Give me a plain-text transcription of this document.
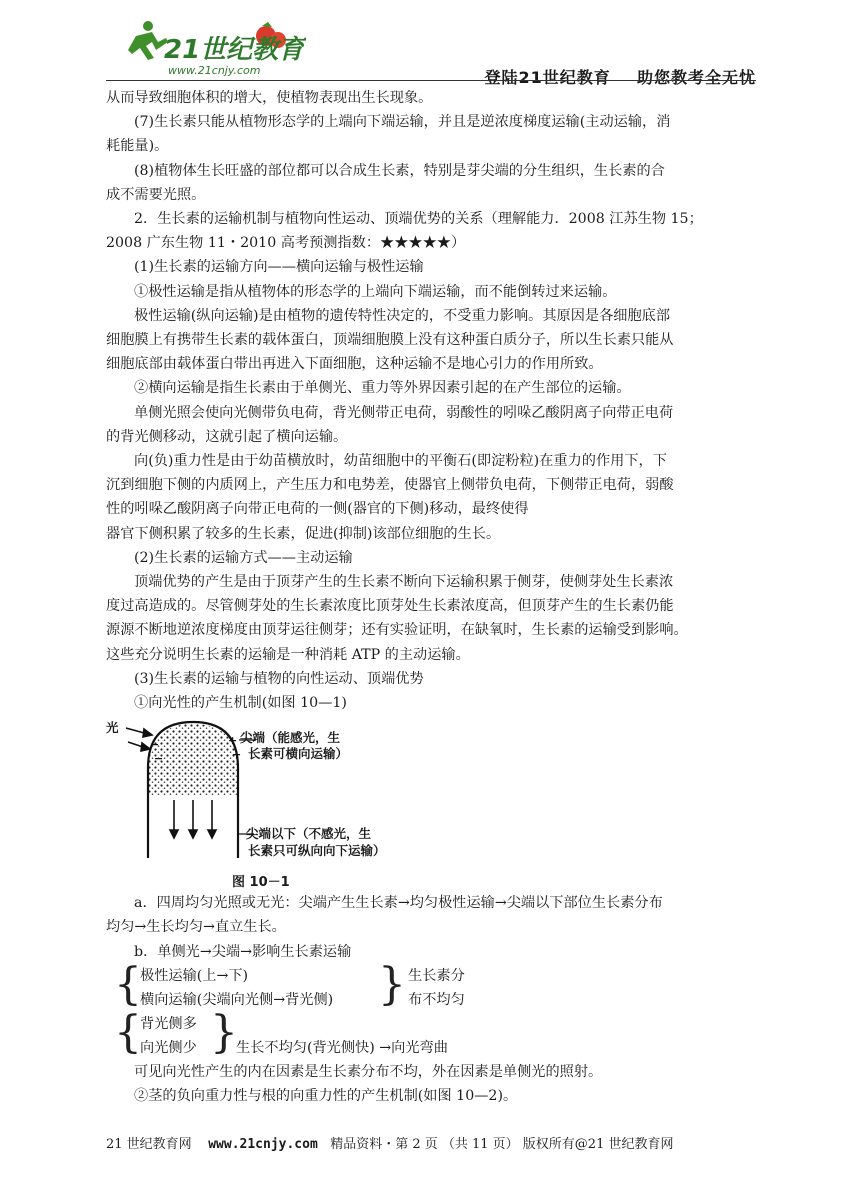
21世纪教育
www.21cnjy.com	登陆21世纪教育    助您教考全无忧

从而导致细胞体积的增大，使植物表现出生长现象。

(7)生长素只能从植物形态学的上端向下端运输，并且是逆浓度梯度运输(主动运输，消

耗能量)。

(8)植物体生长旺盛的部位都可以合成生长素，特别是芽尖端的分生组织，生长素的合

成不需要光照。

2．生长素的运输机制与植物向性运动、顶端优势的关系（理解能力．2008 江苏生物 15；

2008 广东生物 11・2010 高考预测指数：★★★★★）

(1)生长素的运输方向——横向运输与极性运输

①极性运输是指从植物体的形态学的上端向下端运输，而不能倒转过来运输。

极性运输(纵向运输)是由植物的遗传特性决定的，不受重力影响。其原因是各细胞底部

细胞膜上有携带生长素的载体蛋白，顶端细胞膜上没有这种蛋白质分子，所以生长素只能从

细胞底部由载体蛋白带出再进入下面细胞，这种运输不是地心引力的作用所致。

②横向运输是指生长素由于单侧光、重力等外界因素引起的在产生部位的运输。

单侧光照会使向光侧带负电荷，背光侧带正电荷，弱酸性的吲哚乙酸阴离子向带正电荷

的背光侧移动，这就引起了横向运输。

向(负)重力性是由于幼苗横放时，幼苗细胞中的平衡石(即淀粉粒)在重力的作用下，下

沉到细胞下侧的内质网上，产生压力和电势差，使器官上侧带负电荷，下侧带正电荷，弱酸

性的吲哚乙酸阴离子向带正电荷的一侧(器官的下侧)移动，最终使得

器官下侧积累了较多的生长素，促进(抑制)该部位细胞的生长。

(2)生长素的运输方式——主动运输

顶端优势的产生是由于顶芽产生的生长素不断向下运输积累于侧芽，使侧芽处生长素浓

度过高造成的。尽管侧芽处的生长素浓度比顶芽处生长素浓度高，但顶芽产生的生长素仍能

源源不断地逆浓度梯度由顶芽运往侧芽；还有实验证明，在缺氧时，生长素的运输受到影响。

这些充分说明生长素的运输是一种消耗 ATP 的主动运输。

(3)生长素的运输与植物的向性运动、顶端优势

①向光性的产生机制(如图 10—1)

−
−
+
+
光
尖端（能感光，生
长素可横向运输）
尖端以下（不感光，生
长素只可纵向向下运输）
图 10－1

a．四周均匀光照或无光：尖端产生生长素→均匀极性运输→尖端以下部位生长素分布

均匀→生长均匀→直立生长。

b．单侧光→尖端→影响生长素运输

{
极性运输(上→下)
横向运输(尖端向光侧→背光侧) } 生长素分
布不均匀
{
背光侧多
向光侧少 }
生长不均匀(背光侧快) →向光弯曲

可见向光性产生的内在因素是生长素分布不均，外在因素是单侧光的照射。

②茎的负向重力性与根的向重力性的产生机制(如图 10—2)。

21 世纪教育网 www.21cnjy.com 精品资料・第 2 页 （共 11 页） 版权所有@21 世纪教育网
